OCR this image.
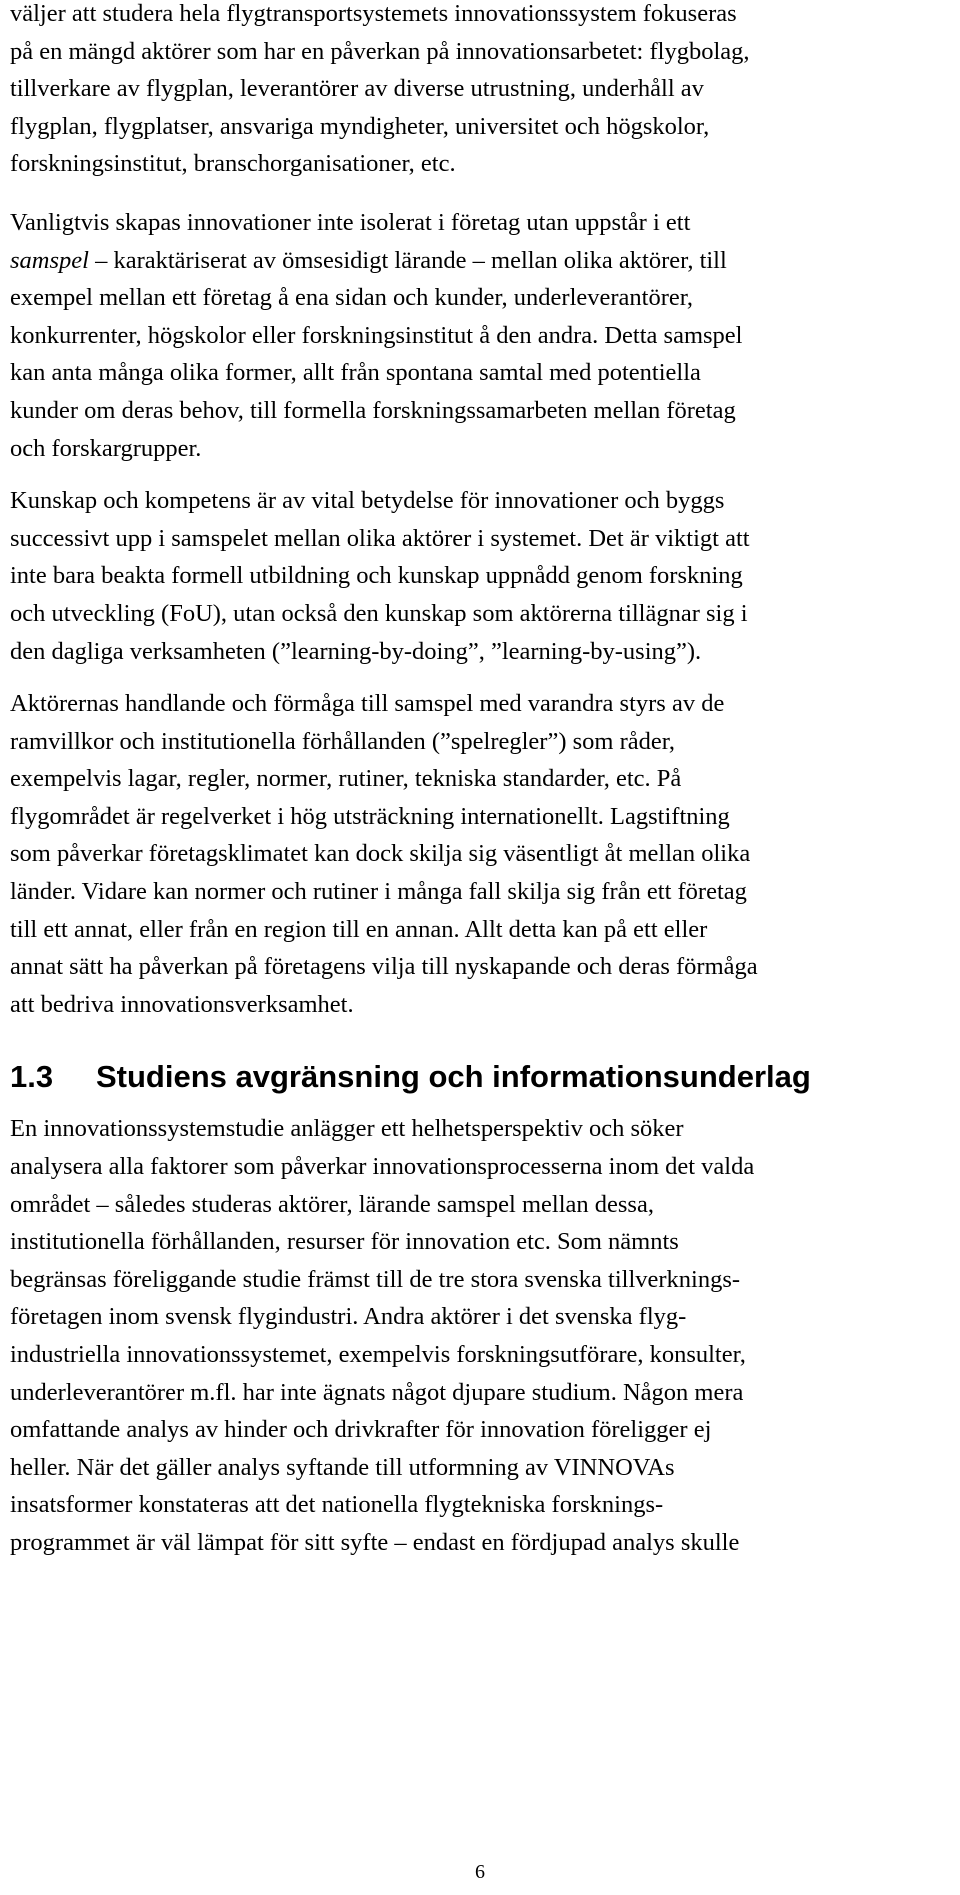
väljer att studera hela flygtransportsystemets innovationssystem fokuseras
på en mängd aktörer som har en påverkan på innovationsarbetet: flygbolag,
tillverkare av flygplan, leverantörer av diverse utrustning, underhåll av
flygplan, flygplatser, ansvariga myndigheter, universitet och högskolor,
forskningsinstitut, branschorganisationer, etc.

Vanligtvis skapas innovationer inte isolerat i företag utan uppstår i ett
samspel – karaktäriserat av ömsesidigt lärande – mellan olika aktörer, till
exempel mellan ett företag å ena sidan och kunder, underleverantörer,
konkurrenter, högskolor eller forskningsinstitut å den andra. Detta samspel
kan anta många olika former, allt från spontana samtal med potentiella
kunder om deras behov, till formella forskningssamarbeten mellan företag
och forskargrupper.

Kunskap och kompetens är av vital betydelse för innovationer och byggs
successivt upp i samspelet mellan olika aktörer i systemet. Det är viktigt att
inte bara beakta formell utbildning och kunskap uppnådd genom forskning
och utveckling (FoU), utan också den kunskap som aktörerna tillägnar sig i
den dagliga verksamheten (”learning-by-doing”, ”learning-by-using”).

Aktörernas handlande och förmåga till samspel med varandra styrs av de
ramvillkor och institutionella förhållanden (”spelregler”) som råder,
exempelvis lagar, regler, normer, rutiner, tekniska standarder, etc. På
flygområdet är regelverket i hög utsträckning internationellt. Lagstiftning
som påverkar företagsklimatet kan dock skilja sig väsentligt åt mellan olika
länder. Vidare kan normer och rutiner i många fall skilja sig från ett företag
till ett annat, eller från en region till en annan. Allt detta kan på ett eller
annat sätt ha påverkan på företagens vilja till nyskapande och deras förmåga
att bedriva innovationsverksamhet.

1.3 Studiens avgränsning och informationsunderlag

En innovationssystemstudie anlägger ett helhetsperspektiv och söker
analysera alla faktorer som påverkar innovationsprocesserna inom det valda
området – således studeras aktörer, lärande samspel mellan dessa,
institutionella förhållanden, resurser för innovation etc. Som nämnts
begränsas föreliggande studie främst till de tre stora svenska tillverknings-
företagen inom svensk flygindustri. Andra aktörer i det svenska flyg-
industriella innovationssystemet, exempelvis forskningsutförare, konsulter,
underleverantörer m.fl. har inte ägnats något djupare studium. Någon mera
omfattande analys av hinder och drivkrafter för innovation föreligger ej
heller. När det gäller analys syftande till utformning av VINNOVAs
insatsformer konstateras att det nationella flygtekniska forsknings-
programmet är väl lämpat för sitt syfte – endast en fördjupad analys skulle

6
